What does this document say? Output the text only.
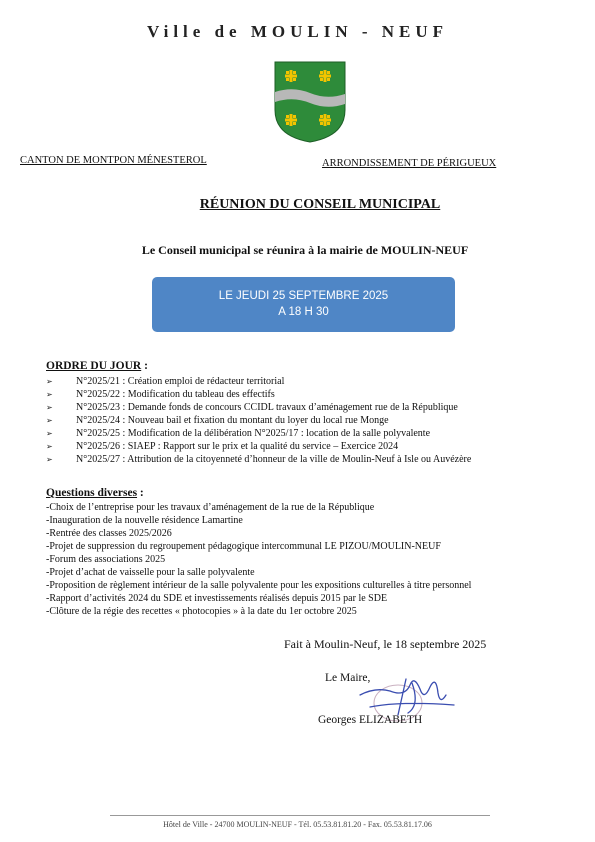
Ville de MOULIN - NEUF
CANTON DE MONTPON MÉNESTEROL	ARRONDISSEMENT DE PÉRIGUEUX
RÉUNION DU CONSEIL MUNICIPAL
Le Conseil municipal se réunira à la mairie de MOULIN-NEUF
LE JEUDI 25 SEPTEMBRE 2025
A 18 H 30
ORDRE DU JOUR :
➢ N°2025/21 : Création emploi de rédacteur territorial
➢ N°2025/22 : Modification du tableau des effectifs
➢ N°2025/23 : Demande fonds de concours CCIDL travaux d’aménagement rue de la République
➢ N°2025/24 : Nouveau bail et fixation du montant du loyer du local rue Monge
➢ N°2025/25 : Modification de la délibération N°2025/17 : location de la salle polyvalente
➢ N°2025/26 : SIAEP : Rapport sur le prix et la qualité du service – Exercice 2024
➢ N°2025/27 : Attribution de la citoyenneté d’honneur de la ville de Moulin-Neuf à Isle ou Auvézère
Questions diverses :
-Choix de l’entreprise pour les travaux d’aménagement de la rue de la République
-Inauguration de la nouvelle résidence Lamartine
-Rentrée des classes 2025/2026
-Projet de suppression du regroupement pédagogique intercommunal LE PIZOU/MOULIN-NEUF
-Forum des associations 2025
-Projet d’achat de vaisselle pour la salle polyvalente
-Proposition de règlement intérieur de la salle polyvalente pour les expositions culturelles à titre personnel
-Rapport d’activités 2024 du SDE et investissements réalisés depuis 2015 par le SDE
-Clôture de la régie des recettes « photocopies » à la date du 1er octobre 2025
Fait à Moulin-Neuf, le 18 septembre 2025
Le Maire,
Georges ELIZABETH
Hôtel de Ville - 24700 MOULIN-NEUF - Tél. 05.53.81.81.20 - Fax. 05.53.81.17.06
